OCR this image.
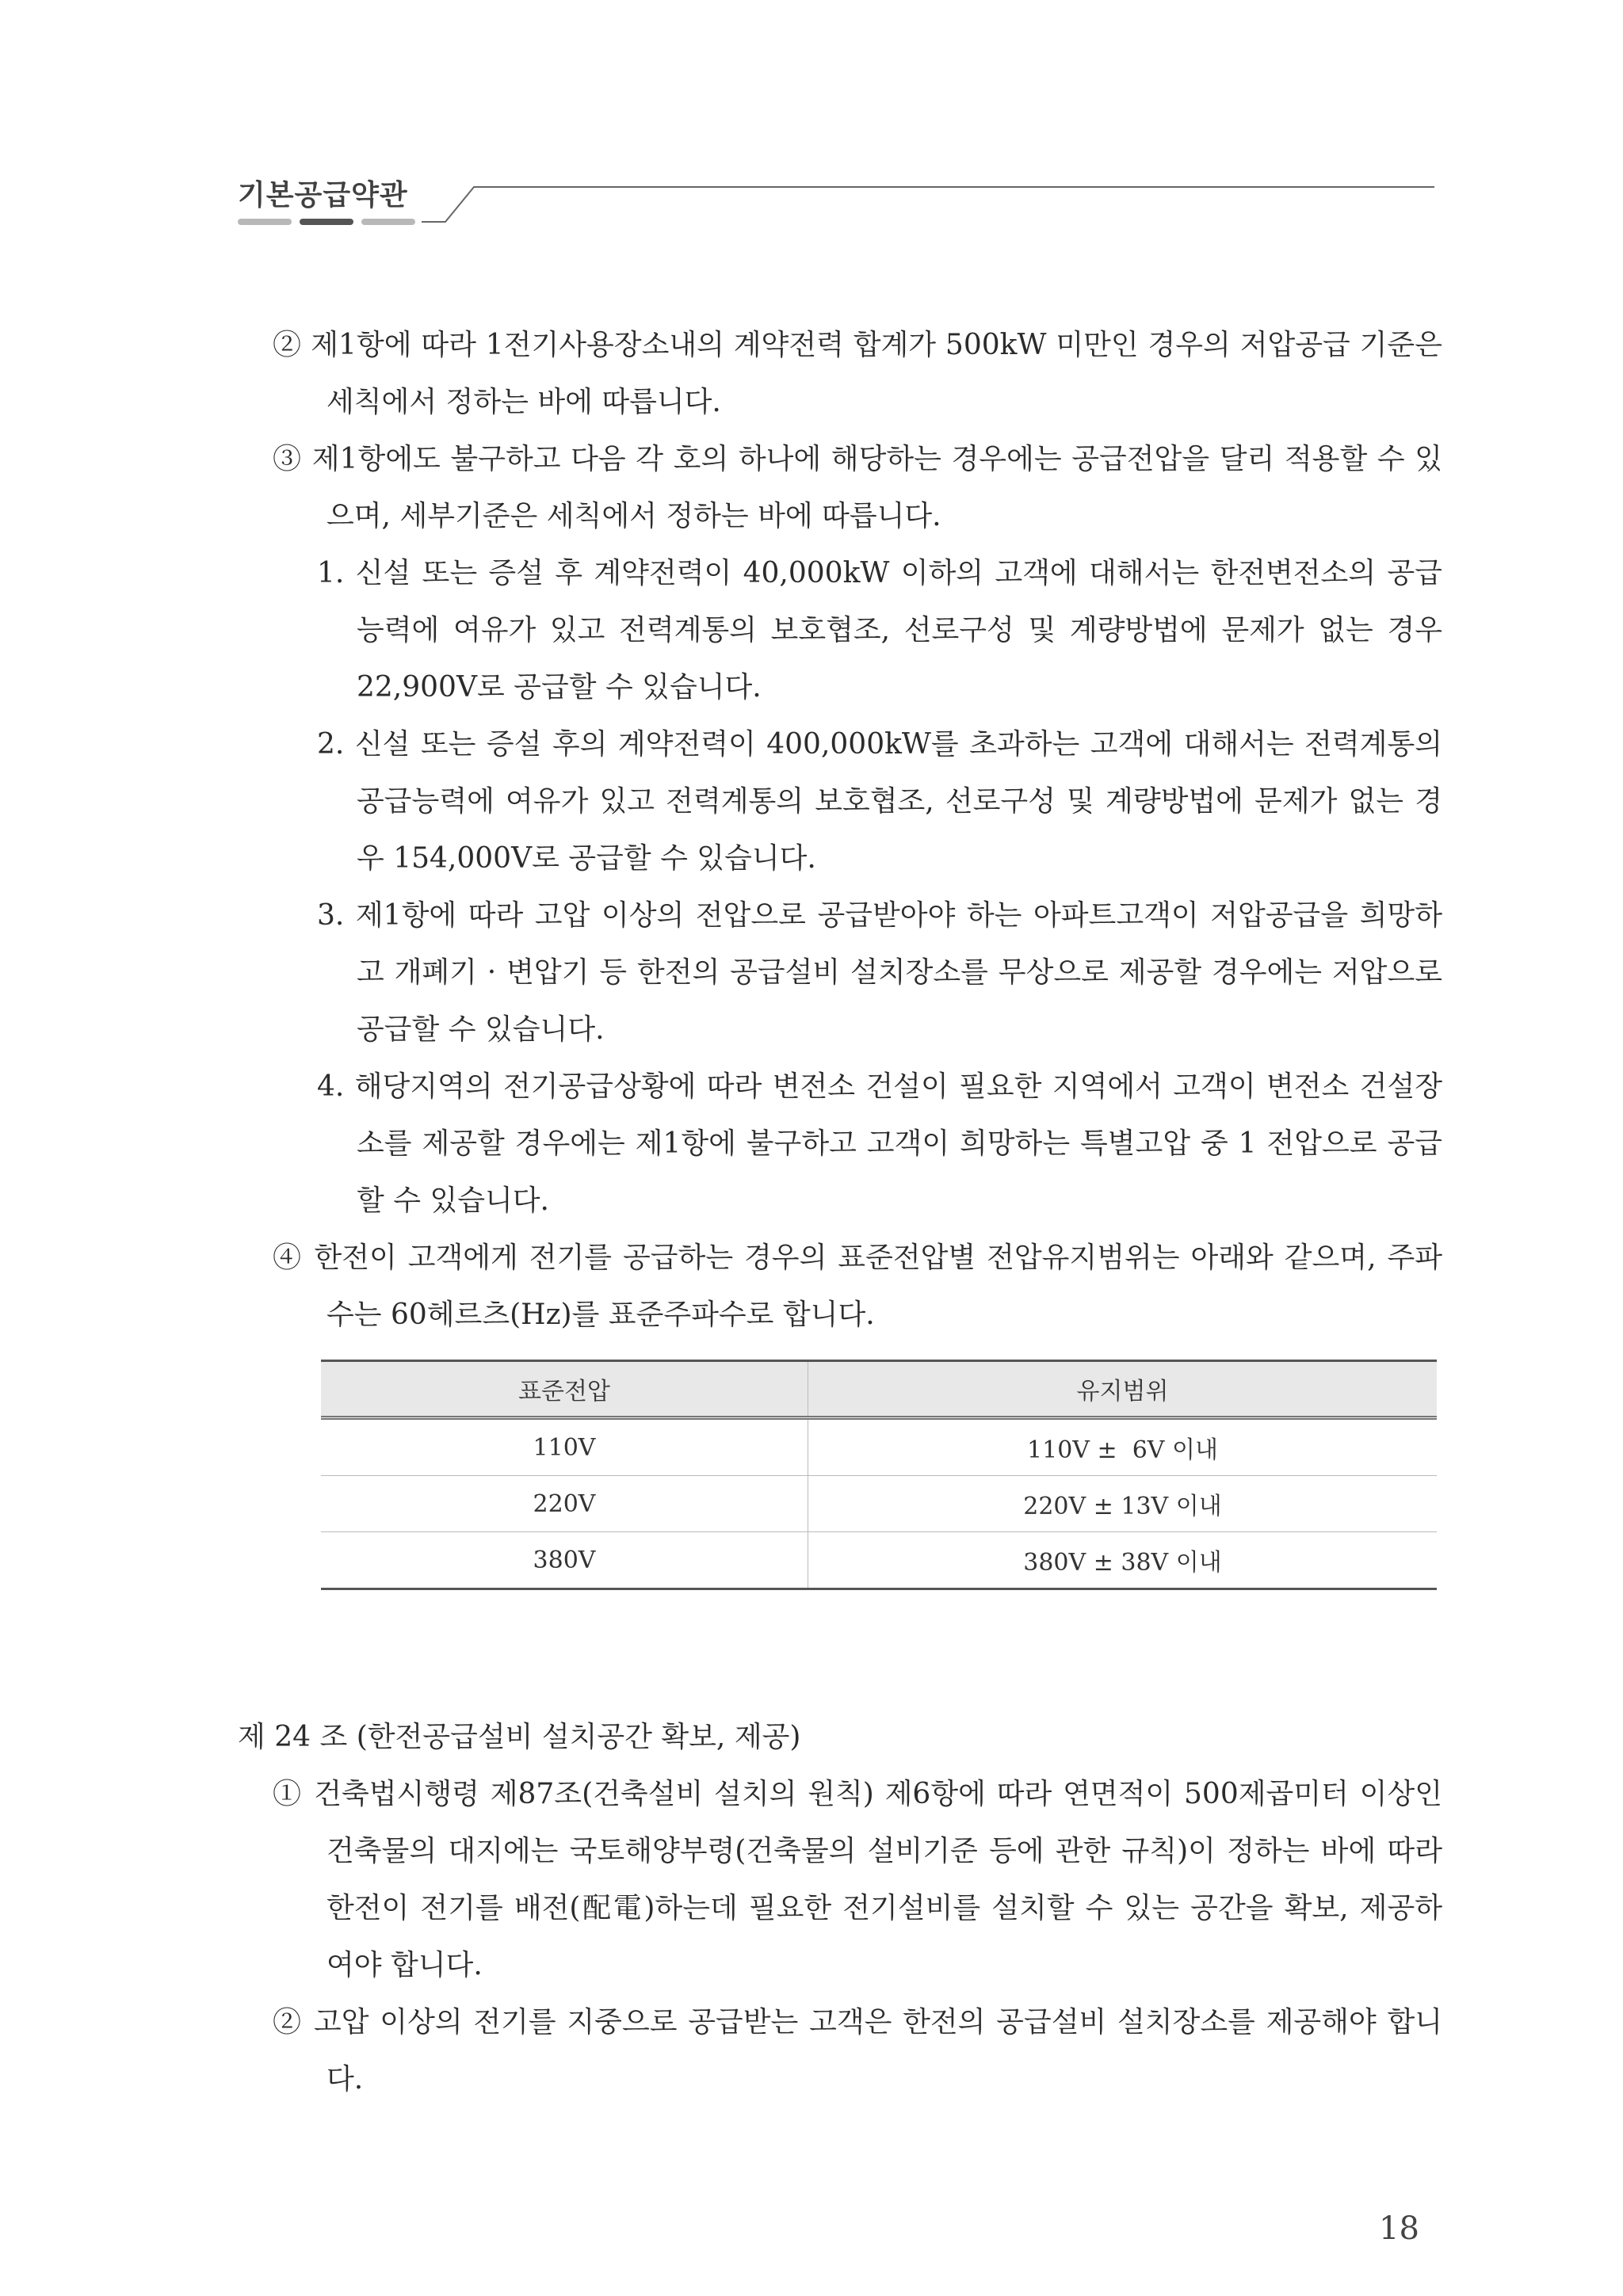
기본공급약관

② 제1항에 따라 1전기사용장소내의 계약전력 합계가 500kW 미만인 경우의 저압공급 기준은 세칙에서 정하는 바에 따릅니다.

③ 제1항에도 불구하고 다음 각 호의 하나에 해당하는 경우에는 공급전압을 달리 적용할 수 있으며, 세부기준은 세칙에서 정하는 바에 따릅니다.

1. 신설 또는 증설 후 계약전력이 40,000kW 이하의 고객에 대해서는 한전변전소의 공급능력에 여유가 있고 전력계통의 보호협조, 선로구성 및 계량방법에 문제가 없는 경우 22,900V로 공급할 수 있습니다.

2. 신설 또는 증설 후의 계약전력이 400,000kW를 초과하는 고객에 대해서는 전력계통의 공급능력에 여유가 있고 전력계통의 보호협조, 선로구성 및 계량방법에 문제가 없는 경우 154,000V로 공급할 수 있습니다.

3. 제1항에 따라 고압 이상의 전압으로 공급받아야 하는 아파트고객이 저압공급을 희망하고 개폐기 · 변압기 등 한전의 공급설비 설치장소를 무상으로 제공할 경우에는 저압으로 공급할 수 있습니다.

4. 해당지역의 전기공급상황에 따라 변전소 건설이 필요한 지역에서 고객이 변전소 건설장소를 제공할 경우에는 제1항에 불구하고 고객이 희망하는 특별고압 중 1 전압으로 공급할 수 있습니다.

④ 한전이 고객에게 전기를 공급하는 경우의 표준전압별 전압유지범위는 아래와 같으며, 주파수는 60헤르츠(Hz)를 표준주파수로 합니다.

표준전압	유지범위
110V	110V ±  6V 이내
220V	220V ± 13V 이내
380V	380V ± 38V 이내
제 24 조 (한전공급설비 설치공간 확보, 제공)

① 건축법시행령 제87조(건축설비 설치의 원칙) 제6항에 따라 연면적이 500제곱미터 이상인 건축물의 대지에는 국토해양부령(건축물의 설비기준 등에 관한 규칙)이 정하는 바에 따라 한전이 전기를 배전(配電)하는데 필요한 전기설비를 설치할 수 있는 공간을 확보, 제공하여야 합니다.

② 고압 이상의 전기를 지중으로 공급받는 고객은 한전의 공급설비 설치장소를 제공해야 합니다.

18
